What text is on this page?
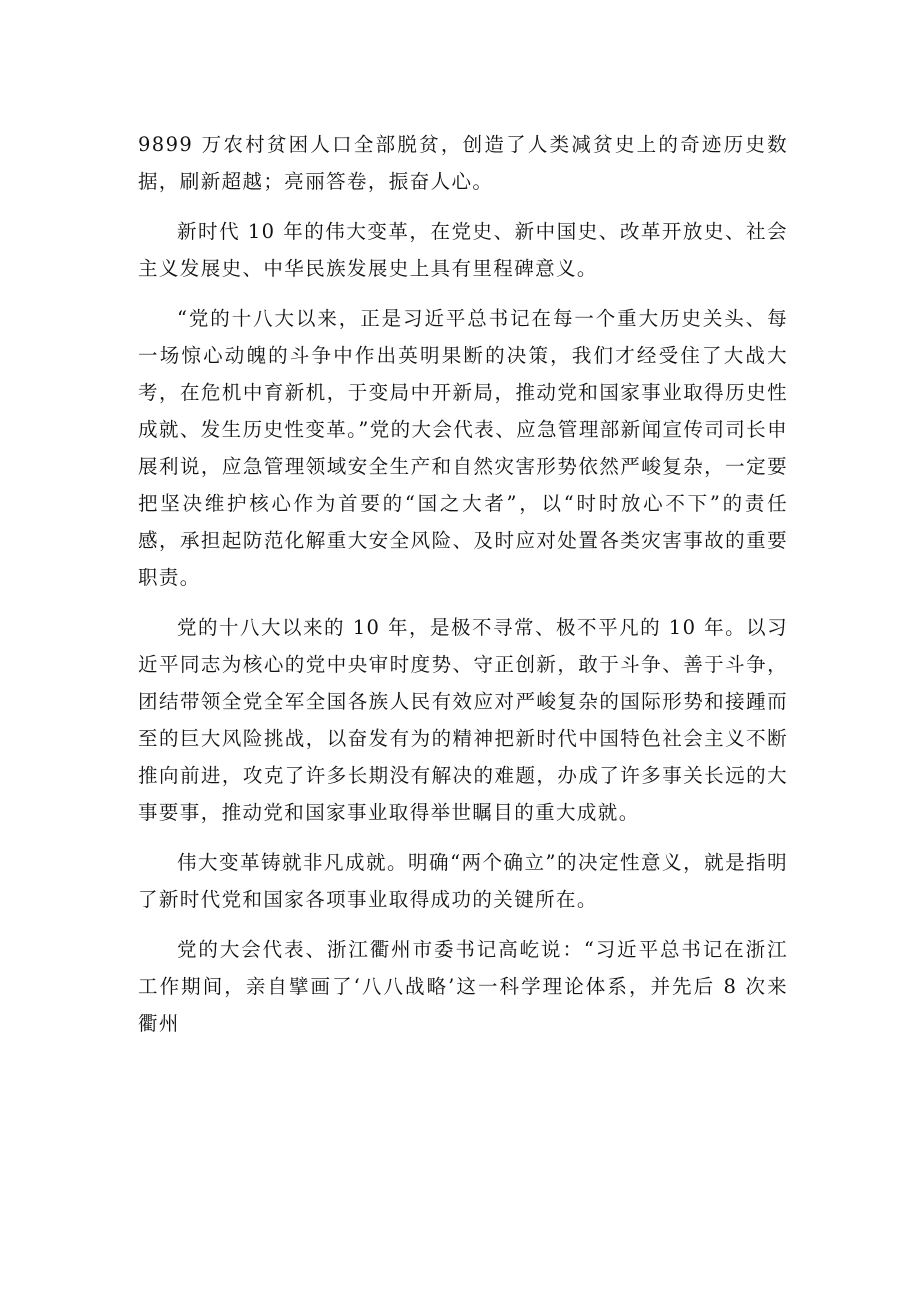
9899 万农村贫困人口全部脱贫，创造了人类减贫史上的奇迹历史数据，刷新超越；亮丽答卷，振奋人心。

新时代 10 年的伟大变革，在党史、新中国史、改革开放史、社会主义发展史、中华民族发展史上具有里程碑意义。

“党的十八大以来，正是习近平总书记在每一个重大历史关头、每一场惊心动魄的斗争中作出英明果断的决策，我们才经受住了大战大考，在危机中育新机，于变局中开新局，推动党和国家事业取得历史性成就、发生历史性变革。”党的大会代表、应急管理部新闻宣传司司长申展利说，应急管理领域安全生产和自然灾害形势依然严峻复杂，一定要把坚决维护核心作为首要的“国之大者”，以“时时放心不下”的责任感，承担起防范化解重大安全风险、及时应对处置各类灾害事故的重要职责。

党的十八大以来的 10 年，是极不寻常、极不平凡的 10 年。以习近平同志为核心的党中央审时度势、守正创新，敢于斗争、善于斗争，团结带领全党全军全国各族人民有效应对严峻复杂的国际形势和接踵而至的巨大风险挑战，以奋发有为的精神把新时代中国特色社会主义不断推向前进，攻克了许多长期没有解决的难题，办成了许多事关长远的大事要事，推动党和国家事业取得举世瞩目的重大成就。

伟大变革铸就非凡成就。明确“两个确立”的决定性意义，就是指明了新时代党和国家各项事业取得成功的关键所在。

党的大会代表、浙江衢州市委书记高屹说：“习近平总书记在浙江工作期间，亲自擘画了‘八八战略’这一科学理论体系，并先后 8 次来衢州
